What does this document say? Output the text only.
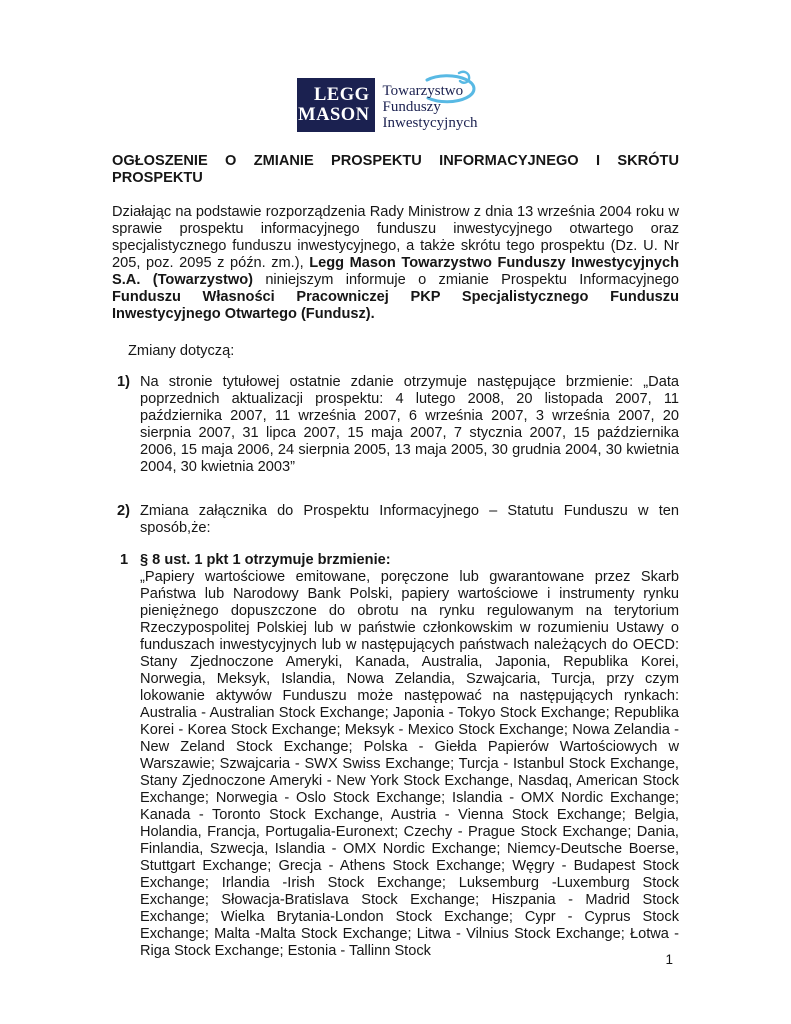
LEGG
MASON
Towarzystwo
Funduszy
Inwestycyjnych
OGŁOSZENIE O ZMIANIE PROSPEKTU INFORMACYJNEGO I SKRÓTU PROSPEKTU

Działając na podstawie rozporządzenia Rady Ministrow z dnia 13 września 2004 roku w sprawie prospektu informacyjnego funduszu inwestycyjnego otwartego oraz specjalistycznego funduszu inwestycyjnego, a także skrótu tego prospektu (Dz. U. Nr 205, poz. 2095 z późn. zm.), Legg Mason Towarzystwo Funduszy Inwestycyjnych S.A. (Towarzystwo) niniejszym informuje o zmianie Prospektu Informacyjnego Funduszu Własności Pracowniczej PKP Specjalistycznego Funduszu Inwestycyjnego Otwartego (Fundusz).

Zmiany dotyczą:
1) Na stronie tytułowej ostatnie zdanie otrzymuje następujące brzmienie: „Data poprzednich aktualizacji prospektu: 4 lutego 2008, 20 listopada 2007, 11 października 2007, 11 września 2007, 6 września 2007, 3 września 2007, 20 sierpnia 2007, 31 lipca 2007, 15 maja 2007, 7 stycznia 2007, 15 października 2006, 15 maja 2006, 24 sierpnia 2005, 13 maja 2005, 30 grudnia 2004, 30 kwietnia 2004, 30 kwietnia 2003”
2) Zmiana załącznika do Prospektu Informacyjnego – Statutu Funduszu w ten sposób,że:
1 § 8 ust. 1 pkt 1 otrzymuje brzmienie:
„Papiery wartościowe emitowane, poręczone lub gwarantowane przez Skarb Państwa lub Narodowy Bank Polski, papiery wartościowe i instrumenty rynku pieniężnego dopuszczone do obrotu na rynku regulowanym na terytorium Rzeczypospolitej Polskiej lub w państwie członkowskim w rozumieniu Ustawy o funduszach inwestycyjnych lub w następujących państwach należących do OECD: Stany Zjednoczone Ameryki, Kanada, Australia, Japonia, Republika Korei, Norwegia, Meksyk, Islandia, Nowa Zelandia, Szwajcaria, Turcja, przy czym lokowanie aktywów Funduszu może następować na następujących rynkach: Australia - Australian Stock Exchange; Japonia - Tokyo Stock Exchange; Republika Korei - Korea Stock Exchange; Meksyk - Mexico Stock Exchange; Nowa Zelandia - New Zeland Stock Exchange; Polska - Giełda Papierów Wartościowych w Warszawie; Szwajcaria - SWX Swiss Exchange; Turcja - Istanbul Stock Exchange, Stany Zjednoczone Ameryki - New York Stock Exchange, Nasdaq, American Stock Exchange; Norwegia - Oslo Stock Exchange; Islandia - OMX Nordic Exchange; Kanada - Toronto Stock Exchange, Austria - Vienna Stock Exchange; Belgia, Holandia, Francja, Portugalia-Euronext; Czechy - Prague Stock Exchange; Dania, Finlandia, Szwecja, Islandia - OMX Nordic Exchange; Niemcy-Deutsche Boerse, Stuttgart Exchange; Grecja - Athens Stock Exchange; Węgry - Budapest Stock Exchange; Irlandia -Irish Stock Exchange; Luksemburg -Luxemburg Stock Exchange; Słowacja-Bratislava Stock Exchange; Hiszpania - Madrid Stock Exchange; Wielka Brytania-London Stock Exchange; Cypr - Cyprus Stock Exchange; Malta -Malta Stock Exchange; Litwa - Vilnius Stock Exchange; Łotwa - Riga Stock Exchange; Estonia - Tallinn Stock
1
